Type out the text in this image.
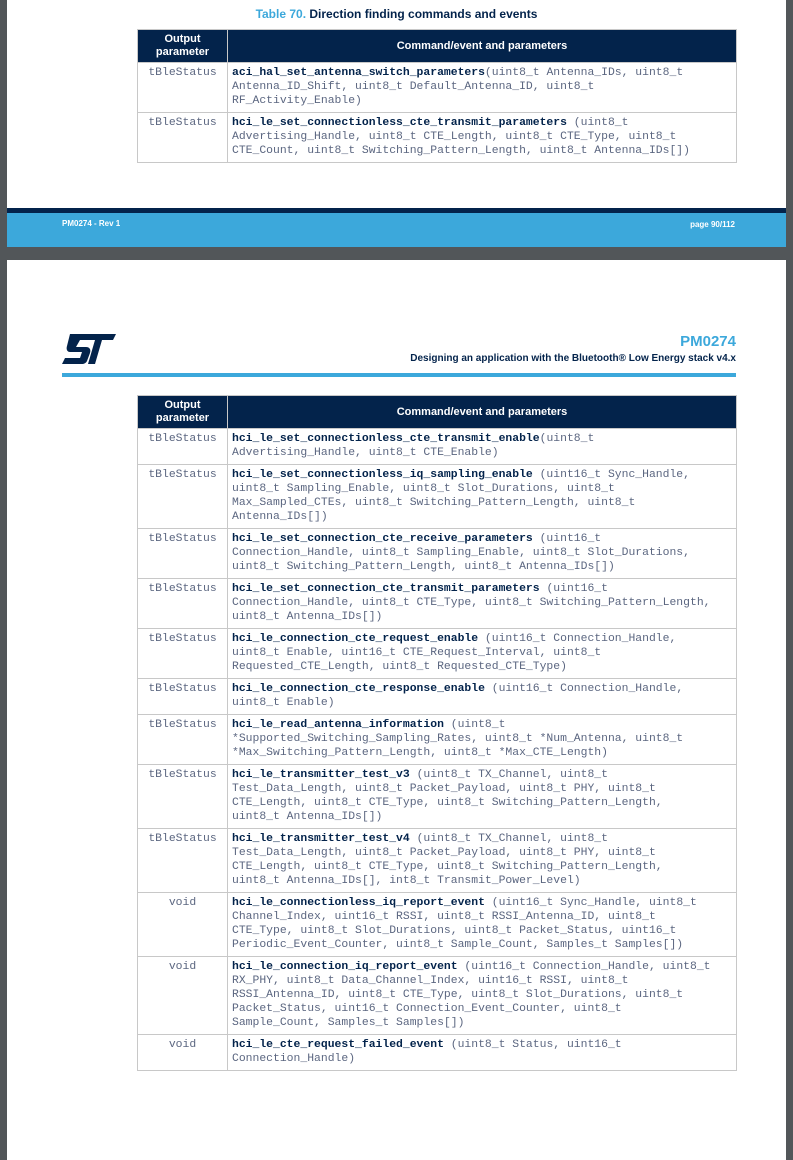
Table 70. Direction finding commands and events
Output parameter	Command/event and parameters
tBleStatus	aci_hal_set_antenna_switch_parameters(uint8_t Antenna_IDs, uint8_t
Antenna_ID_Shift, uint8_t Default_Antenna_ID, uint8_t
RF_Activity_Enable)
tBleStatus	hci_le_set_connectionless_cte_transmit_parameters (uint8_t
Advertising_Handle, uint8_t CTE_Length, uint8_t CTE_Type, uint8_t
CTE_Count, uint8_t Switching_Pattern_Length, uint8_t Antenna_IDs[])
PM0274 - Rev 1	page 90/112
PM0274
Designing an application with the Bluetooth® Low Energy stack v4.x
Output parameter	Command/event and parameters
tBleStatus	hci_le_set_connectionless_cte_transmit_enable(uint8_t
Advertising_Handle, uint8_t CTE_Enable)
tBleStatus	hci_le_set_connectionless_iq_sampling_enable (uint16_t Sync_Handle,
uint8_t Sampling_Enable, uint8_t Slot_Durations, uint8_t
Max_Sampled_CTEs, uint8_t Switching_Pattern_Length, uint8_t
Antenna_IDs[])
tBleStatus	hci_le_set_connection_cte_receive_parameters (uint16_t
Connection_Handle, uint8_t Sampling_Enable, uint8_t Slot_Durations,
uint8_t Switching_Pattern_Length, uint8_t Antenna_IDs[])
tBleStatus	hci_le_set_connection_cte_transmit_parameters (uint16_t
Connection_Handle, uint8_t CTE_Type, uint8_t Switching_Pattern_Length,
uint8_t Antenna_IDs[])
tBleStatus	hci_le_connection_cte_request_enable (uint16_t Connection_Handle,
uint8_t Enable, uint16_t CTE_Request_Interval, uint8_t
Requested_CTE_Length, uint8_t Requested_CTE_Type)
tBleStatus	hci_le_connection_cte_response_enable (uint16_t Connection_Handle,
uint8_t Enable)
tBleStatus	hci_le_read_antenna_information (uint8_t
*Supported_Switching_Sampling_Rates, uint8_t *Num_Antenna, uint8_t
*Max_Switching_Pattern_Length, uint8_t *Max_CTE_Length)
tBleStatus	hci_le_transmitter_test_v3 (uint8_t TX_Channel, uint8_t
Test_Data_Length, uint8_t Packet_Payload, uint8_t PHY, uint8_t
CTE_Length, uint8_t CTE_Type, uint8_t Switching_Pattern_Length,
uint8_t Antenna_IDs[])
tBleStatus	hci_le_transmitter_test_v4 (uint8_t TX_Channel, uint8_t
Test_Data_Length, uint8_t Packet_Payload, uint8_t PHY, uint8_t
CTE_Length, uint8_t CTE_Type, uint8_t Switching_Pattern_Length,
uint8_t Antenna_IDs[], int8_t Transmit_Power_Level)
void	hci_le_connectionless_iq_report_event (uint16_t Sync_Handle, uint8_t
Channel_Index, uint16_t RSSI, uint8_t RSSI_Antenna_ID, uint8_t
CTE_Type, uint8_t Slot_Durations, uint8_t Packet_Status, uint16_t
Periodic_Event_Counter, uint8_t Sample_Count, Samples_t Samples[])
void	hci_le_connection_iq_report_event (uint16_t Connection_Handle, uint8_t
RX_PHY, uint8_t Data_Channel_Index, uint16_t RSSI, uint8_t
RSSI_Antenna_ID, uint8_t CTE_Type, uint8_t Slot_Durations, uint8_t
Packet_Status, uint16_t Connection_Event_Counter, uint8_t
Sample_Count, Samples_t Samples[])
void	hci_le_cte_request_failed_event (uint8_t Status, uint16_t
Connection_Handle)
